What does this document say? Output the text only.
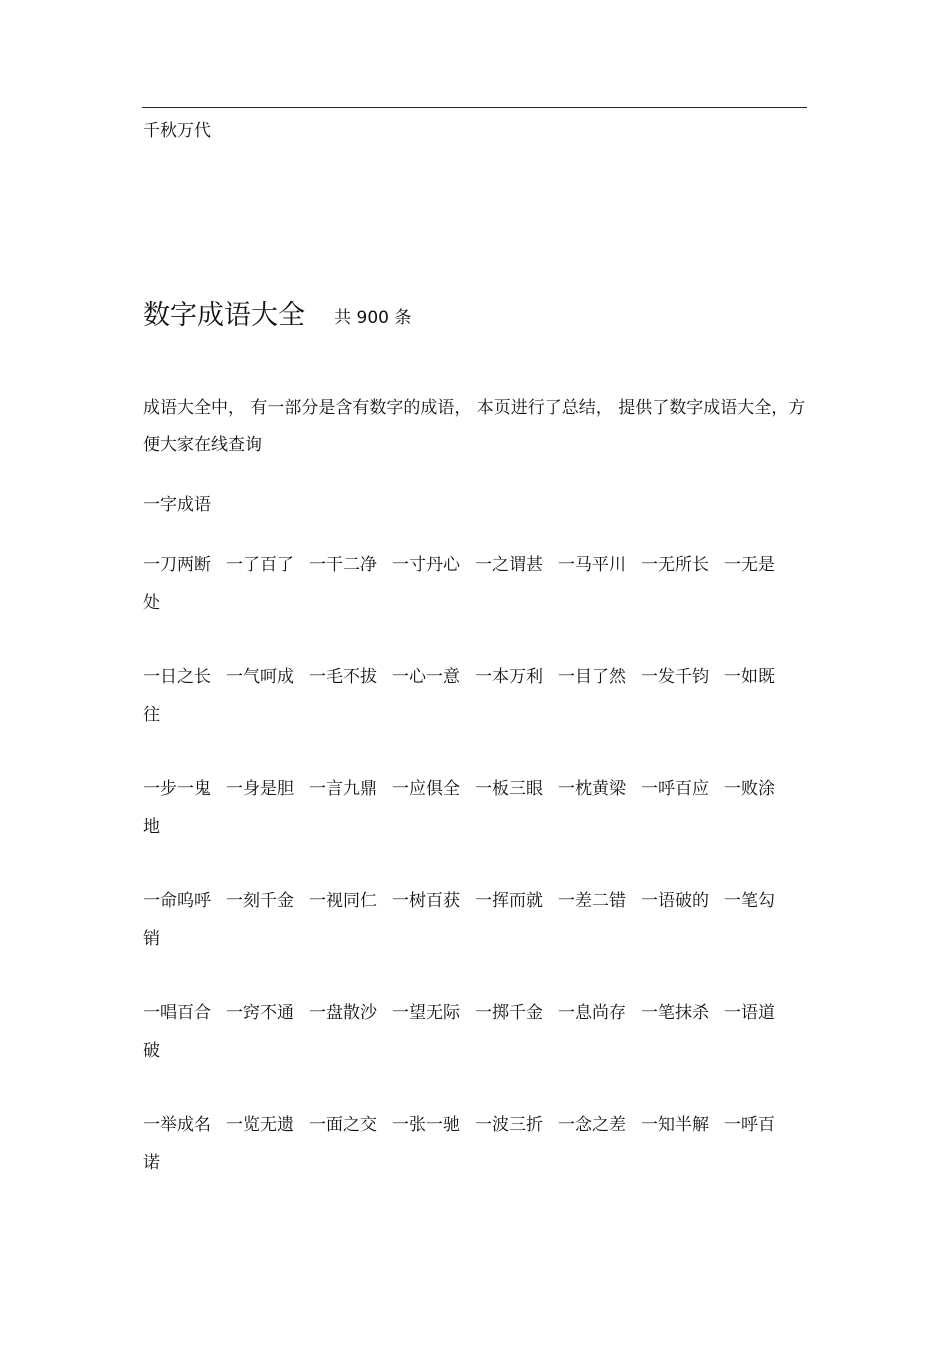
千秋万代
数字成语大全 共 900 条
成语大全中， 有一部分是含有数字的成语， 本页进行了总结， 提供了数字成语大全，方便大家在线查询
一字成语
一刀两断 一了百了 一干二净 一寸丹心 一之谓甚 一马平川 一无所长 一无是
处
一日之长 一气呵成 一毛不拔 一心一意 一本万利 一目了然 一发千钧 一如既
往
一步一鬼 一身是胆 一言九鼎 一应俱全 一板三眼 一枕黄梁 一呼百应 一败涂
地
一命呜呼 一刻千金 一视同仁 一树百获 一挥而就 一差二错 一语破的 一笔勾
销
一唱百合 一窍不通 一盘散沙 一望无际 一掷千金 一息尚存 一笔抹杀 一语道
破
一举成名 一览无遗 一面之交 一张一驰 一波三折 一念之差 一知半解 一呼百
诺
